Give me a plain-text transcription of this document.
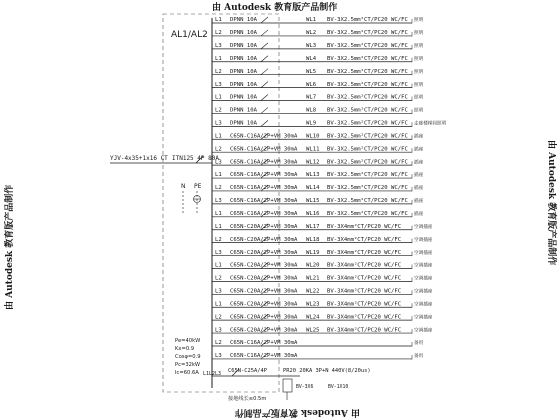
由 Autodesk 教育版产品制作
由 Autodesk 教育版产品制作
由 Autodesk 教育版产品制作	由 Autodesk 教育版产品制作
AL1/AL2
YJV-4x35+1x16 CT ITN125 4P 80A
N PE
Pe=40kW
Kx=0.9
Cosφ=0.9
Pc=32kW
Ic=60.6A
L1 DPNN 10A	WL1 BV-3X2.5mm²CT/PC20 WC/FC 照明
L2 DPNN 10A	WL2 BV-3X2.5mm²CT/PC20 WC/FC 照明
L3 DPNN 10A	WL3 BV-3X2.5mm²CT/PC20 WC/FC 照明
L1 DPNN 10A	WL4 BV-3X2.5mm²CT/PC20 WC/FC 照明
L2 DPNN 10A	WL5 BV-3X2.5mm²CT/PC20 WC/FC 照明
L3 DPNN 10A	WL6 BV-3X2.5mm²CT/PC20 WC/FC 照明
L1 DPNN 10A	WL7 BV-3X2.5mm²CT/PC20 WC/FC 照明
L2 DPNN 10A	WL8 BV-3X2.5mm²CT/PC20 WC/FC 照明
L3 DPNN 10A	WL9 BV-3X2.5mm²CT/PC20 WC/FC 走廊楼梯间照明
L1 C65N-C16A/2P+VM 30mA WL10 BV-3X2.5mm²CT/PC20 WC/FC 插座
L2 C65N-C16A/2P+VM 30mA WL11 BV-3X2.5mm²CT/PC20 WC/FC 插座
L3 C65N-C16A/2P+VM 30mA WL12 BV-3X2.5mm²CT/PC20 WC/FC 插座
L1 C65N-C16A/2P+VM 30mA WL13 BV-3X2.5mm²CT/PC20 WC/FC 插座
L2 C65N-C16A/2P+VM 30mA WL14 BV-3X2.5mm²CT/PC20 WC/FC 插座
L3 C65N-C16A/2P+VM 30mA WL15 BV-3X2.5mm²CT/PC20 WC/FC 插座
L1 C65N-C16A/2P+VM 30mA WL16 BV-3X2.5mm²CT/PC20 WC/FC 插座
L1 C65N-C20A/2P+VM 30mA WL17 BV-3X4mm²CT/PC20 WC/FC	空调插座
L2 C65N-C20A/2P+VM 30mA WL18 BV-3X4mm²CT/PC20 WC/FC	空调插座
L3 C65N-C20A/2P+VM 30mA WL19 BV-3X4mm²CT/PC20 WC/FC	空调插座
L1 C65N-C20A/2P+VM 30mA WL20 BV-3X4mm²CT/PC20 WC/FC	空调插座
L2 C65N-C20A/2P+VM 30mA WL21 BV-3X4mm²CT/PC20 WC/FC	空调插座
L3 C65N-C20A/2P+VM 30mA WL22 BV-3X4mm²CT/PC20 WC/FC	空调插座
L1 C65N-C20A/2P+VM 30mA WL23 BV-3X4mm²CT/PC20 WC/FC	空调插座
L2 C65N-C20A/2P+VM 30mA WL24 BV-3X4mm²CT/PC20 WC/FC	空调插座
L3 C65N-C20A/2P+VM 30mA WL25 BV-3X4mm²CT/PC20 WC/FC	空调插座
L2 C65N-C16A/2P+VM 30mA	备用
L3 C65N-C16A/2P+VM 30mA	备用
L1L2L3 C65N-C25A/4P	PR20 20KA 3P+N 440V(8/20us)
BV-3X6	BV-1X10
接地线长≤0.5m
